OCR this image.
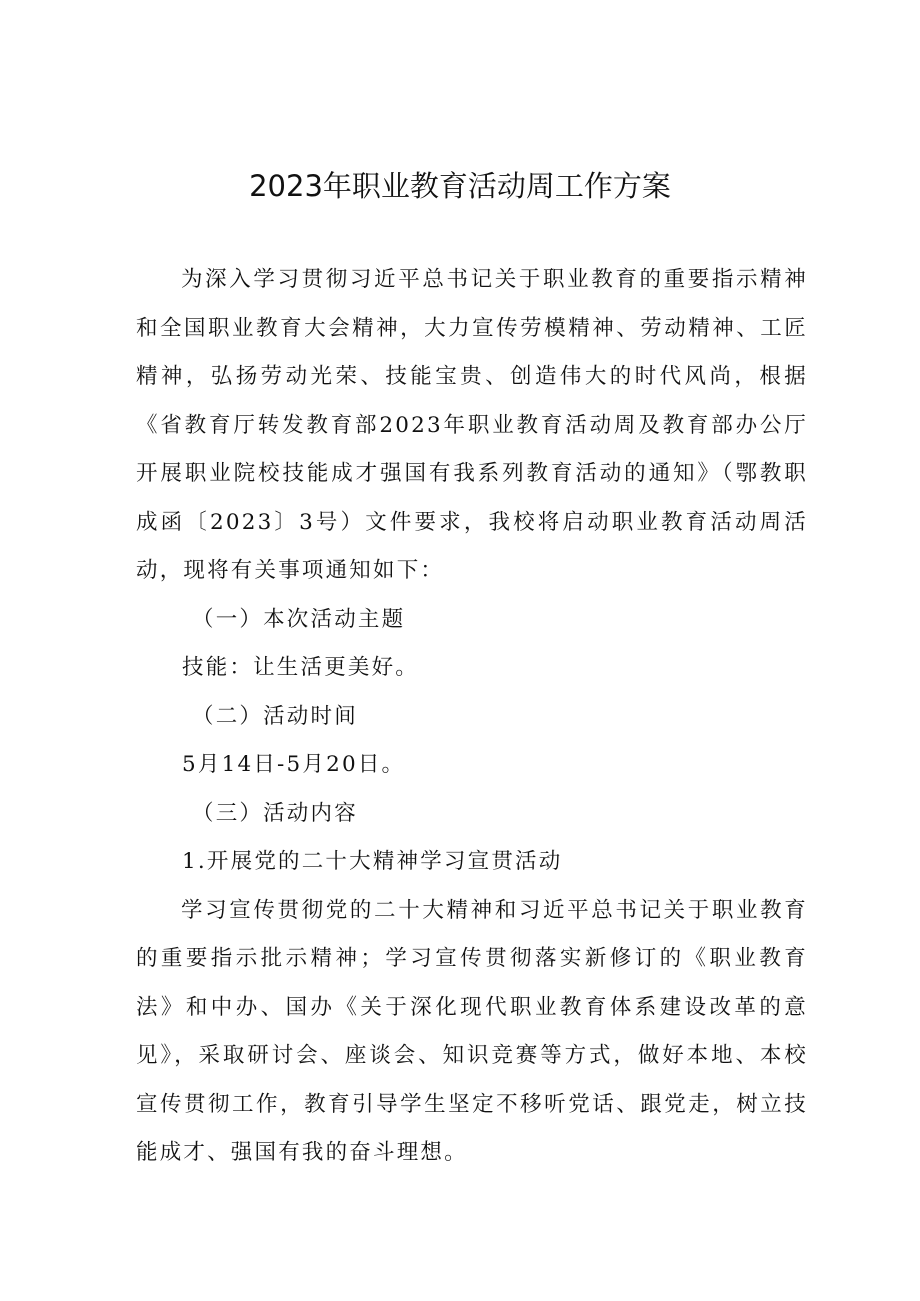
2023年职业教育活动周工作方案

为深入学习贯彻习近平总书记关于职业教育的重要指示精神和全国职业教育大会精神，大力宣传劳模精神、劳动精神、工匠精神，弘扬劳动光荣、技能宝贵、创造伟大的时代风尚，根据《省教育厅转发教育部2023年职业教育活动周及教育部办公厅开展职业院校技能成才强国有我系列教育活动的通知》（鄂教职成函〔2023〕3号）文件要求，我校将启动职业教育活动周活动，现将有关事项通知如下：

（一）本次活动主题

技能：让生活更美好。

（二）活动时间

5月14日-5月20日。

（三）活动内容

1.开展党的二十大精神学习宣贯活动

学习宣传贯彻党的二十大精神和习近平总书记关于职业教育的重要指示批示精神；学习宣传贯彻落实新修订的《职业教育法》和中办、国办《关于深化现代职业教育体系建设改革的意见》，采取研讨会、座谈会、知识竞赛等方式，做好本地、本校宣传贯彻工作，教育引导学生坚定不移听党话、跟党走，树立技能成才、强国有我的奋斗理想。
